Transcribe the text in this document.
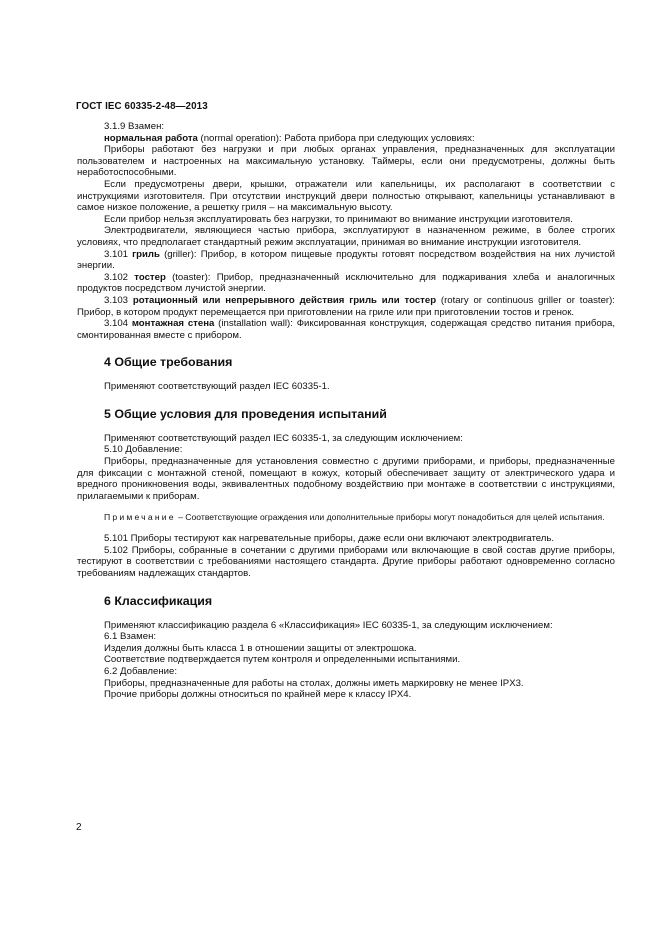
ГОСТ IEC 60335-2-48—2013

3.1.9 Взамен:

нормальная работа (normal operation): Работа прибора при следующих условиях:

Приборы работают без нагрузки и при любых органах управления, предназначенных для эксплуатации пользователем и настроенных на максимальную установку. Таймеры, если они предусмотрены, должны быть неработоспособными.

Если предусмотрены двери, крышки, отражатели или капельницы, их располагают в соответствии с инструкциями изготовителя. При отсутствии инструкций двери полностью открывают, капельницы устанавливают в самое низкое положение, а решетку гриля – на максимальную высоту.

Если прибор нельзя эксплуатировать без нагрузки, то принимают во внимание инструкции изготовителя.

Электродвигатели, являющиеся частью прибора, эксплуатируют в назначенном режиме, в более строгих условиях, что предполагает стандартный режим эксплуатации, принимая во внимание инструкции изготовителя.

3.101 гриль (griller): Прибор, в котором пищевые продукты готовят посредством воздействия на них лучистой энергии.

3.102 тостер (toaster): Прибор, предназначенный исключительно для поджаривания хлеба и аналогичных продуктов посредством лучистой энергии.

3.103 ротационный или непрерывного действия гриль или тостер (rotary or continuous griller or toaster): Прибор, в котором продукт перемещается при приготовлении на гриле или при приготовлении тостов и гренок.

3.104 монтажная стена (installation wall): Фиксированная конструкция, содержащая средство питания прибора, смонтированная вместе с прибором.

4 Общие требования

Применяют соответствующий раздел IEC 60335-1.

5 Общие условия для проведения испытаний

Применяют соответствующий раздел IEC 60335-1, за следующим исключением:

5.10 Добавление:

Приборы, предназначенные для установления совместно с другими приборами, и приборы, предназначенные для фиксации с монтажной стеной, помещают в кожух, который обеспечивает защиту от электрического удара и вредного проникновения воды, эквивалентных подобному воздействию при монтаже в соответствии с инструкциями, прилагаемыми к приборам.

Примечание – Соответствующие ограждения или дополнительные приборы могут понадобиться для целей испытания.

5.101 Приборы тестируют как нагревательные приборы, даже если они включают электродвигатель.

5.102 Приборы, собранные в сочетании с другими приборами или включающие в свой состав другие приборы, тестируют в соответствии с требованиями настоящего стандарта. Другие приборы работают одновременно согласно требованиям надлежащих стандартов.

6 Классификация

Применяют классификацию раздела 6 «Классификация» IEC 60335-1, за следующим исключением:

6.1 Взамен:

Изделия должны быть класса 1 в отношении защиты от электрошока.

Соответствие подтверждается путем контроля и определенными испытаниями.

6.2 Добавление:

Приборы, предназначенные для работы на столах, должны иметь маркировку не менее IPX3.

Прочие приборы должны относиться по крайней мере к классу IPX4.

2
